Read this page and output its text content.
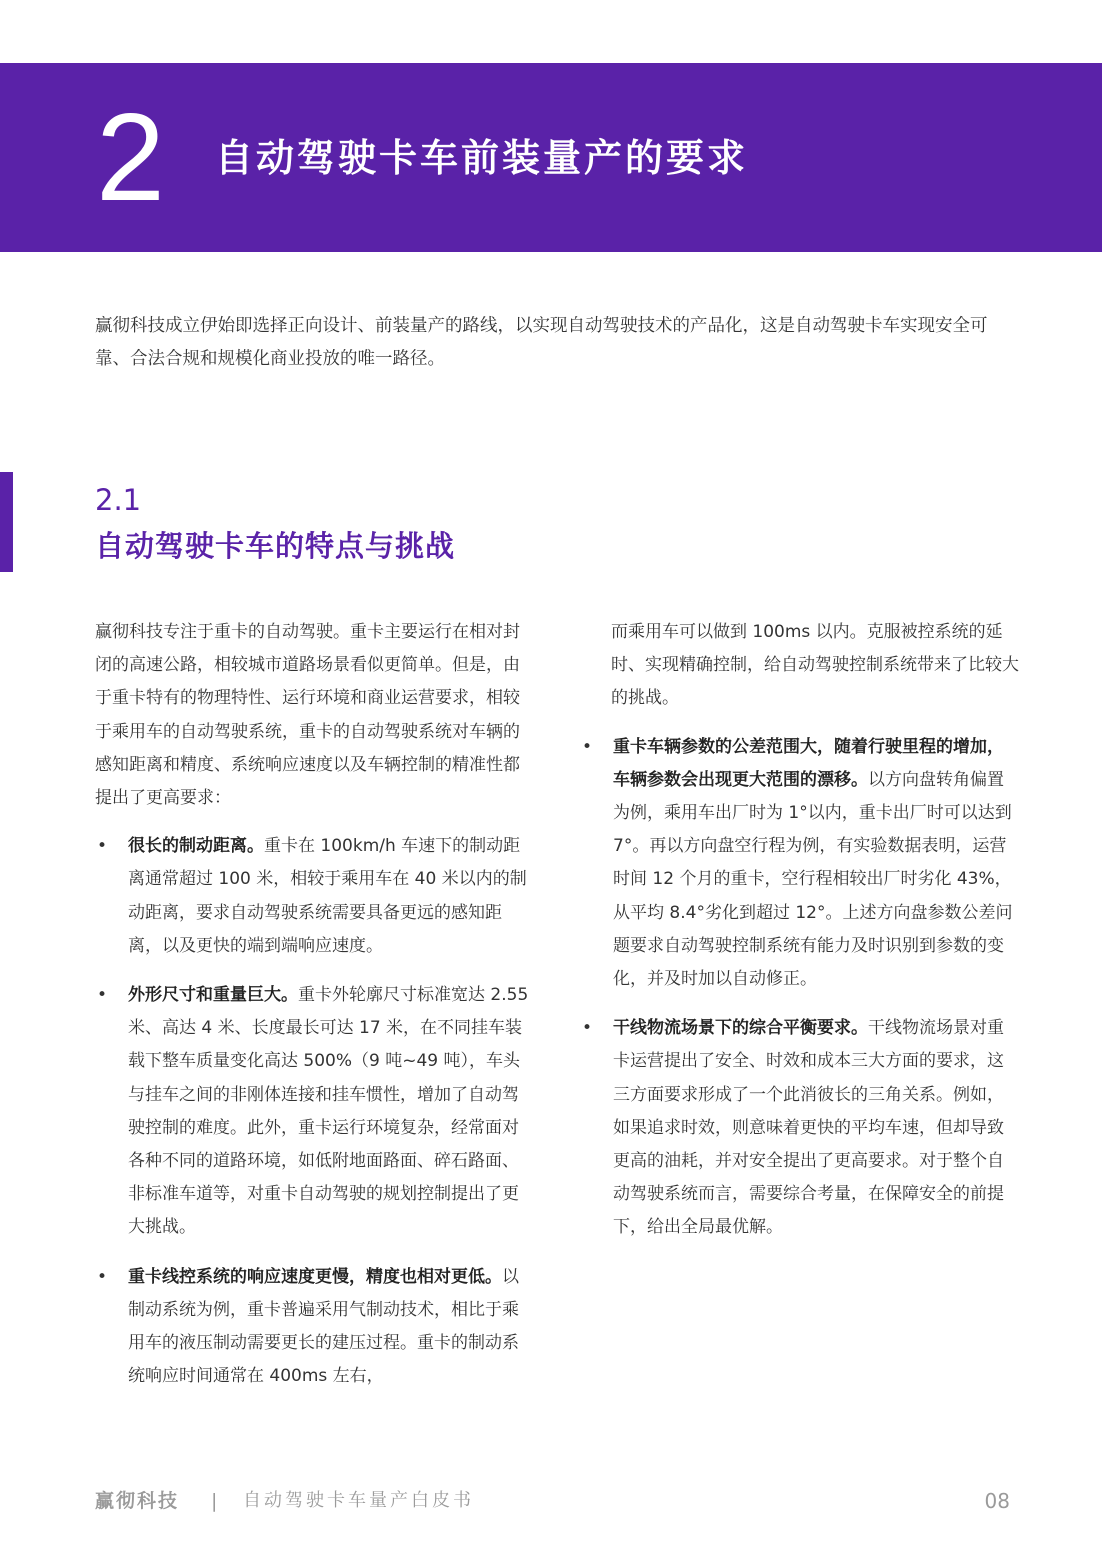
2 自动驾驶卡车前装量产的要求

赢彻科技成立伊始即选择正向设计、前装量产的路线，以实现自动驾驶技术的产品化，这是自动驾驶卡车实现安全可靠、合法合规和规模化商业投放的唯一路径。

2.1
自动驾驶卡车的特点与挑战

赢彻科技专注于重卡的自动驾驶。重卡主要运行在相对封闭的高速公路，相较城市道路场景看似更简单。但是，由于重卡特有的物理特性、运行环境和商业运营要求，相较于乘用车的自动驾驶系统，重卡的自动驾驶系统对车辆的感知距离和精度、系统响应速度以及车辆控制的精准性都提出了更高要求：

• 很长的制动距离。重卡在 100km/h 车速下的制动距离通常超过 100 米，相较于乘用车在 40 米以内的制动距离，要求自动驾驶系统需要具备更远的感知距离，以及更快的端到端响应速度。
• 外形尺寸和重量巨大。重卡外轮廓尺寸标准宽达 2.55 米、高达 4 米、长度最长可达 17 米，在不同挂车装载下整车质量变化高达 500%（9 吨~49 吨），车头与挂车之间的非刚体连接和挂车惯性，增加了自动驾驶控制的难度。此外，重卡运行环境复杂，经常面对各种不同的道路环境，如低附地面路面、碎石路面、非标准车道等，对重卡自动驾驶的规划控制提出了更大挑战。
• 重卡线控系统的响应速度更慢，精度也相对更低。以制动系统为例，重卡普遍采用气制动技术，相比于乘用车的液压制动需要更长的建压过程。重卡的制动系统响应时间通常在 400ms 左右，

而乘用车可以做到 100ms 以内。克服被控系统的延时、实现精确控制，给自动驾驶控制系统带来了比较大的挑战。

• 重卡车辆参数的公差范围大，随着行驶里程的增加，车辆参数会出现更大范围的漂移。以方向盘转角偏置为例，乘用车出厂时为 1°以内，重卡出厂时可以达到 7°。再以方向盘空行程为例，有实验数据表明，运营时间 12 个月的重卡，空行程相较出厂时劣化 43%，从平均 8.4°劣化到超过 12°。上述方向盘参数公差问题要求自动驾驶控制系统有能力及时识别到参数的变化，并及时加以自动修正。
• 干线物流场景下的综合平衡要求。干线物流场景对重卡运营提出了安全、时效和成本三大方面的要求，这三方面要求形成了一个此消彼长的三角关系。例如，如果追求时效，则意味着更快的平均车速，但却导致更高的油耗，并对安全提出了更高要求。对于整个自动驾驶系统而言，需要综合考量，在保障安全的前提下，给出全局最优解。
赢彻科技 | 自动驾驶卡车量产白皮书	08
